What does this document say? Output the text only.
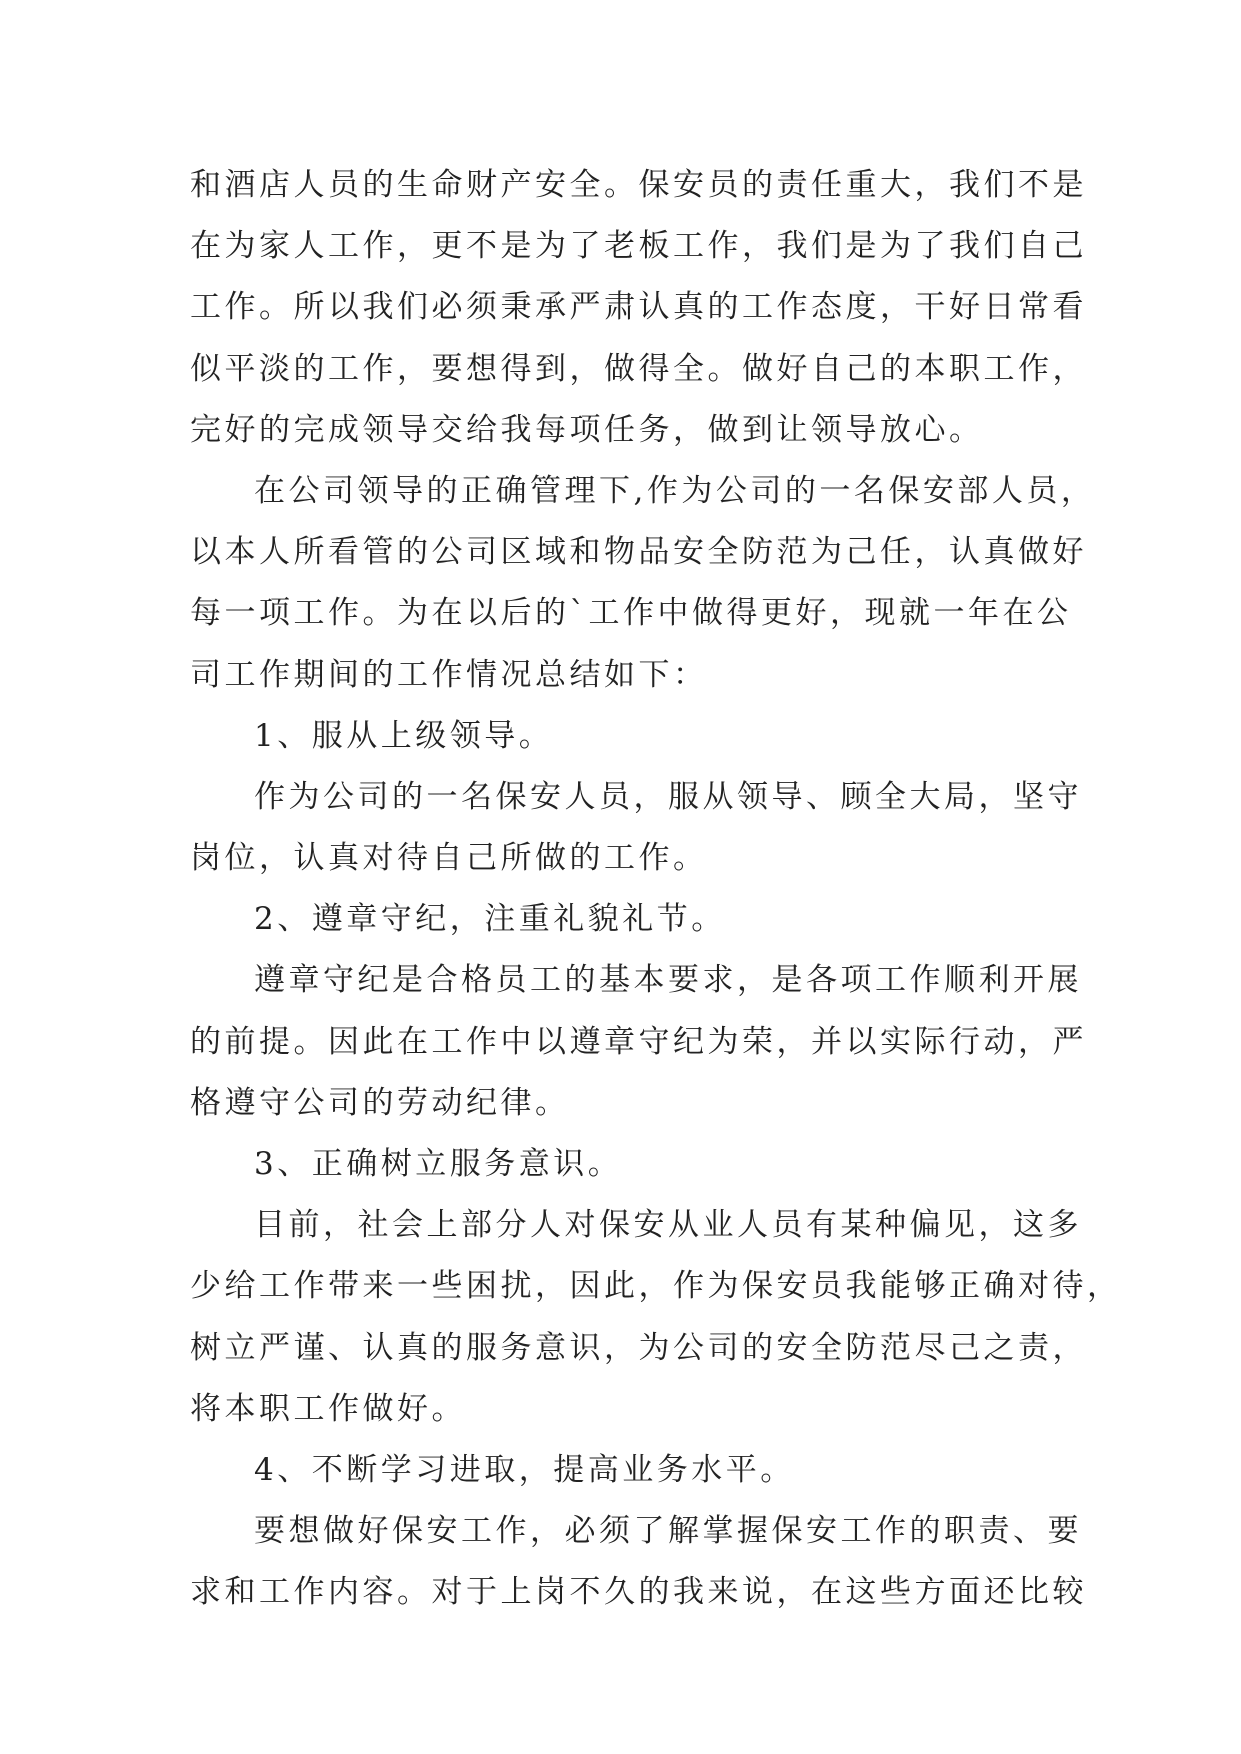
和酒店人员的生命财产安全。保安员的责任重大，我们不是
在为家人工作，更不是为了老板工作，我们是为了我们自己
工作。所以我们必须秉承严肃认真的工作态度，干好日常看
似平淡的工作，要想得到，做得全。做好自己的本职工作，
完好的完成领导交给我每项任务，做到让领导放心。
在公司领导的正确管理下,作为公司的一名保安部人员，
以本人所看管的公司区域和物品安全防范为己任，认真做好
每一项工作。为在以后的`工作中做得更好，现就一年在公
司工作期间的工作情况总结如下：
1、服从上级领导。
作为公司的一名保安人员，服从领导、顾全大局，坚守
岗位，认真对待自己所做的工作。
2、遵章守纪，注重礼貌礼节。
遵章守纪是合格员工的基本要求，是各项工作顺利开展
的前提。因此在工作中以遵章守纪为荣，并以实际行动，严
格遵守公司的劳动纪律。
3、正确树立服务意识。
目前，社会上部分人对保安从业人员有某种偏见，这多
少给工作带来一些困扰，因此，作为保安员我能够正确对待，
树立严谨、认真的服务意识，为公司的安全防范尽己之责，
将本职工作做好。
4、不断学习进取，提高业务水平。
要想做好保安工作，必须了解掌握保安工作的职责、要
求和工作内容。对于上岗不久的我来说，在这些方面还比较
